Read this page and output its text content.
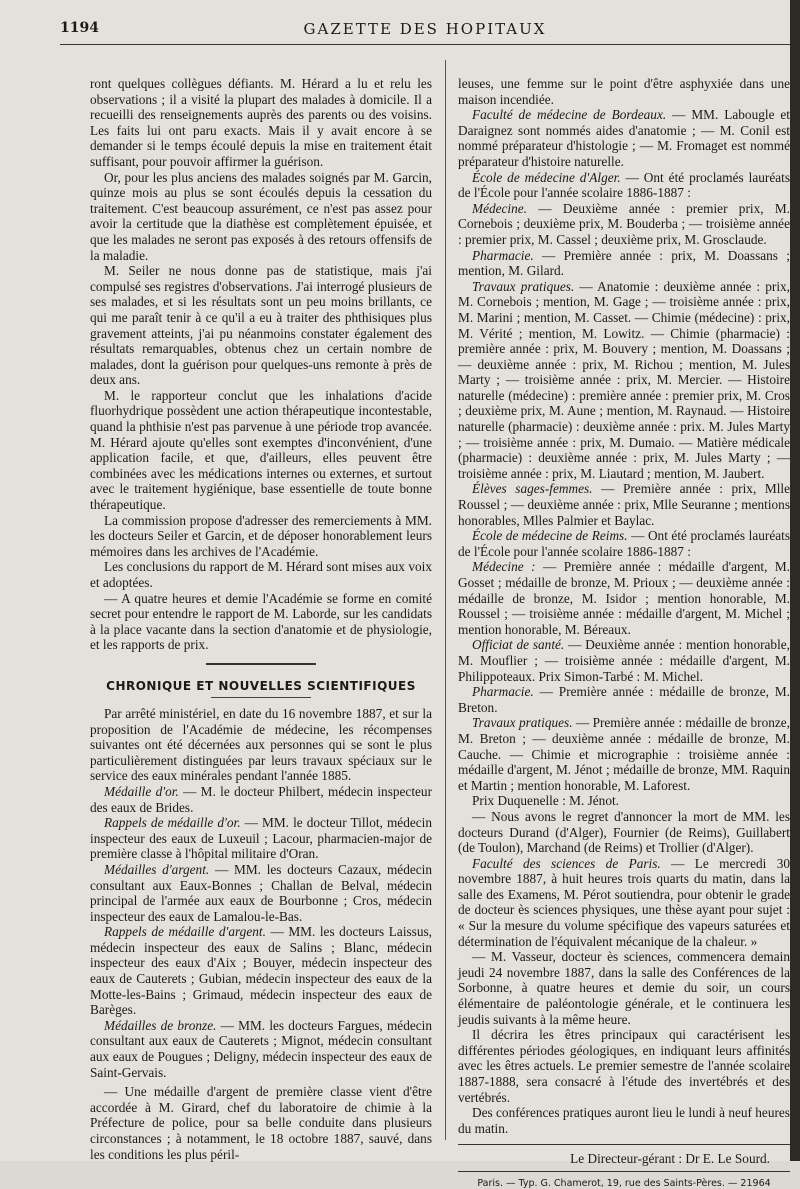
1194	GAZETTE DES HOPITAUX

ront quelques collègues défiants. M. Hérard a lu et relu les observations ; il a visité la plupart des malades à domicile. Il a recueilli des renseignements auprès des parents ou des voisins. Les faits lui ont paru exacts. Mais il y avait encore à se demander si le temps écoulé depuis la mise en traitement était suffisant, pour pouvoir affirmer la guérison.

Or, pour les plus anciens des malades soignés par M. Garcin, quinze mois au plus se sont écoulés depuis la cessation du traitement. C'est beaucoup assurément, ce n'est pas assez pour avoir la certitude que la diathèse est complètement épuisée, et que les malades ne seront pas exposés à des retours offensifs de la maladie.

M. Seiler ne nous donne pas de statistique, mais j'ai compulsé ses registres d'observations. J'ai interrogé plusieurs de ses malades, et si les résultats sont un peu moins brillants, ce qui me paraît tenir à ce qu'il a eu à traiter des phthisiques plus gravement atteints, j'ai pu néanmoins constater également des résultats remarquables, obtenus chez un certain nombre de malades, dont la guérison pour quelques-uns remonte à près de deux ans.

M. le rapporteur conclut que les inhalations d'acide fluorhydrique possèdent une action thérapeutique incontestable, quand la phthisie n'est pas parvenue à une période trop avancée. M. Hérard ajoute qu'elles sont exemptes d'inconvénient, d'une application facile, et que, d'ailleurs, elles peuvent être combinées avec les médications internes ou externes, et surtout avec le traitement hygiénique, base essentielle de toute bonne thérapeutique.

La commission propose d'adresser des remerciements à MM. les docteurs Seiler et Garcin, et de déposer honorablement leurs mémoires dans les archives de l'Académie.

Les conclusions du rapport de M. Hérard sont mises aux voix et adoptées.

— A quatre heures et demie l'Académie se forme en comité secret pour entendre le rapport de M. Laborde, sur les candidats à la place vacante dans la section d'anatomie et de physiologie, et les rapports de prix.

CHRONIQUE ET NOUVELLES SCIENTIFIQUES

Par arrêté ministériel, en date du 16 novembre 1887, et sur la proposition de l'Académie de médecine, les récompenses suivantes ont été décernées aux personnes qui se sont le plus particulièrement distinguées par leurs travaux spéciaux sur le service des eaux minérales pendant l'année 1885.

Médaille d'or. — M. le docteur Philbert, médecin inspecteur des eaux de Brides.

Rappels de médaille d'or. — MM. le docteur Tillot, médecin inspecteur des eaux de Luxeuil ; Lacour, pharmacien-major de première classe à l'hôpital militaire d'Oran.

Médailles d'argent. — MM. les docteurs Cazaux, médecin consultant aux Eaux-Bonnes ; Challan de Belval, médecin principal de l'armée aux eaux de Bourbonne ; Cros, médecin inspecteur des eaux de Lamalou-le-Bas.

Rappels de médaille d'argent. — MM. les docteurs Laissus, médecin inspecteur des eaux de Salins ; Blanc, médecin inspecteur des eaux d'Aix ; Bouyer, médecin inspecteur des eaux de Cauterets ; Gubian, médecin inspecteur des eaux de la Motte-les-Bains ; Grimaud, médecin inspecteur des eaux de Barèges.

Médailles de bronze. — MM. les docteurs Fargues, médecin consultant aux eaux de Cauterets ; Mignot, médecin consultant aux eaux de Pougues ; Deligny, médecin inspecteur des eaux de Saint-Gervais.

— Une médaille d'argent de première classe vient d'être accordée à M. Girard, chef du laboratoire de chimie à la Préfecture de police, pour sa belle conduite dans plusieurs circonstances ; à notamment, le 18 octobre 1887, sauvé, dans les conditions les plus péril-

leuses, une femme sur le point d'être asphyxiée dans une maison incendiée.

Faculté de médecine de Bordeaux. — MM. Labougle et Daraignez sont nommés aides d'anatomie ; — M. Conil est nommé préparateur d'histologie ; — M. Fromaget est nommé préparateur d'histoire naturelle.

École de médecine d'Alger. — Ont été proclamés lauréats de l'École pour l'année scolaire 1886-1887 :

Médecine. — Deuxième année : premier prix, M. Cornebois ; deuxième prix, M. Bouderba ; — troisième année : premier prix, M. Cassel ; deuxième prix, M. Grosclaude.

Pharmacie. — Première année : prix, M. Doassans ; mention, M. Gilard.

Travaux pratiques. — Anatomie : deuxième année : prix, M. Cornebois ; mention, M. Gage ; — troisième année : prix, M. Marini ; mention, M. Casset. — Chimie (médecine) : prix, M. Vérité ; mention, M. Lowitz. — Chimie (pharmacie) : première année : prix, M. Bouvery ; mention, M. Doassans ; — deuxième année : prix, M. Richou ; mention, M. Jules Marty ; — troisième année : prix, M. Mercier. — Histoire naturelle (médecine) : première année : premier prix, M. Cros ; deuxième prix, M. Aune ; mention, M. Raynaud. — Histoire naturelle (pharmacie) : deuxième année : prix. M. Jules Marty ; — troisième année : prix, M. Dumaio. — Matière médicale (pharmacie) : deuxième année : prix, M. Jules Marty ; — troisième année : prix, M. Liautard ; mention, M. Jaubert.

Élèves sages-femmes. — Première année : prix, Mlle Roussel ; — deuxième année : prix, Mlle Seuranne ; mentions honorables, Mlles Palmier et Baylac.

École de médecine de Reims. — Ont été proclamés lauréats de l'École pour l'année scolaire 1886-1887 :

Médecine : — Première année : médaille d'argent, M. Gosset ; médaille de bronze, M. Prioux ; — deuxième année : médaille de bronze, M. Isidor ; mention honorable, M. Roussel ; — troisième année : médaille d'argent, M. Michel ; mention honorable, M. Béreaux.

Officiat de santé. — Deuxième année : mention honorable, M. Mouflier ; — troisième année : médaille d'argent, M. Philippoteaux. Prix Simon-Tarbé : M. Michel.

Pharmacie. — Première année : médaille de bronze, M. Breton.

Travaux pratiques. — Première année : médaille de bronze, M. Breton ; — deuxième année : médaille de bronze, M. Cauche. — Chimie et micrographie : troisième année : médaille d'argent, M. Jénot ; médaille de bronze, MM. Raquin et Martin ; mention honorable, M. Laforest.

Prix Duquenelle : M. Jénot.

— Nous avons le regret d'annoncer la mort de MM. les docteurs Durand (d'Alger), Fournier (de Reims), Guillabert (de Toulon), Marchand (de Reims) et Trollier (d'Alger).

Faculté des sciences de Paris. — Le mercredi 30 novembre 1887, à huit heures trois quarts du matin, dans la salle des Examens, M. Pérot soutiendra, pour obtenir le grade de docteur ès sciences physiques, une thèse ayant pour sujet : « Sur la mesure du volume spécifique des vapeurs saturées et détermination de l'équivalent mécanique de la chaleur. »

— M. Vasseur, docteur ès sciences, commencera demain jeudi 24 novembre 1887, dans la salle des Conférences de la Sorbonne, à quatre heures et demie du soir, un cours élémentaire de paléontologie générale, et le continuera les jeudis suivants à la même heure.

Il décrira les êtres principaux qui caractérisent les différentes périodes géologiques, en indiquant leurs affinités avec les êtres actuels. Le premier semestre de l'année scolaire 1887-1888, sera consacré à l'étude des invertébrés et des vertébrés.

Des conférences pratiques auront lieu le lundi à neuf heures du matin.

Le Directeur-gérant : Dr E. Le Sourd.
Paris. — Typ. G. Chamerot, 19, rue des Saints-Pères. — 21964
